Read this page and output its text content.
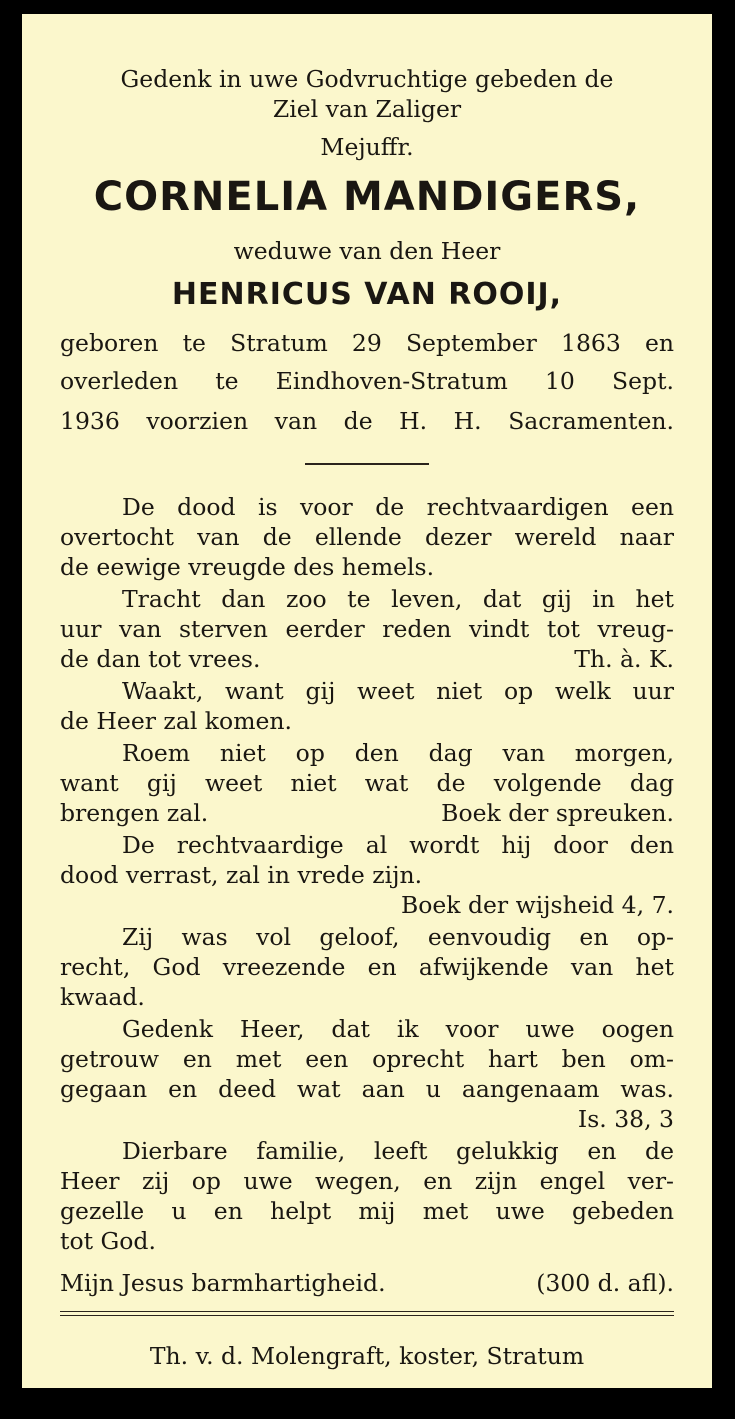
Gedenk in uwe Godvruchtige gebeden de
Ziel van Zaliger
Mejuffr.
CORNELIA MANDIGERS,
weduwe van den Heer
HENRICUS VAN ROOIJ,
geboren te Stratum 29 September 1863 en
overleden te Eindhoven-Stratum 10 Sept.
1936 voorzien van de H. H. Sacramenten.
De dood is voor de rechtvaardigen een
overtocht van de ellende dezer wereld naar
de eewige vreugde des hemels.
Tracht dan zoo te leven, dat gij in het
uur van sterven eerder reden vindt tot vreug-
de dan tot vrees.	Th. à. K.
Waakt, want gij weet niet op welk uur
de Heer zal komen.
Roem niet op den dag van morgen,
want gij weet niet wat de volgende dag
brengen zal.	Boek der spreuken.
De rechtvaardige al wordt hij door den
dood verrast, zal in vrede zijn.
Boek der wijsheid 4, 7.
Zij was vol geloof, eenvoudig en op-
recht, God vreezende en afwijkende van het
kwaad.
Gedenk Heer, dat ik voor uwe oogen
getrouw en met een oprecht hart ben om-
gegaan en deed wat aan u aangenaam was.
Is. 38, 3
Dierbare familie, leeft gelukkig en de
Heer zij op uwe wegen, en zijn engel ver-
gezelle u en helpt mij met uwe gebeden
tot God.
Mijn Jesus barmhartigheid.	(300 d. afl).
Th. v. d. Molengraft, koster, Stratum
